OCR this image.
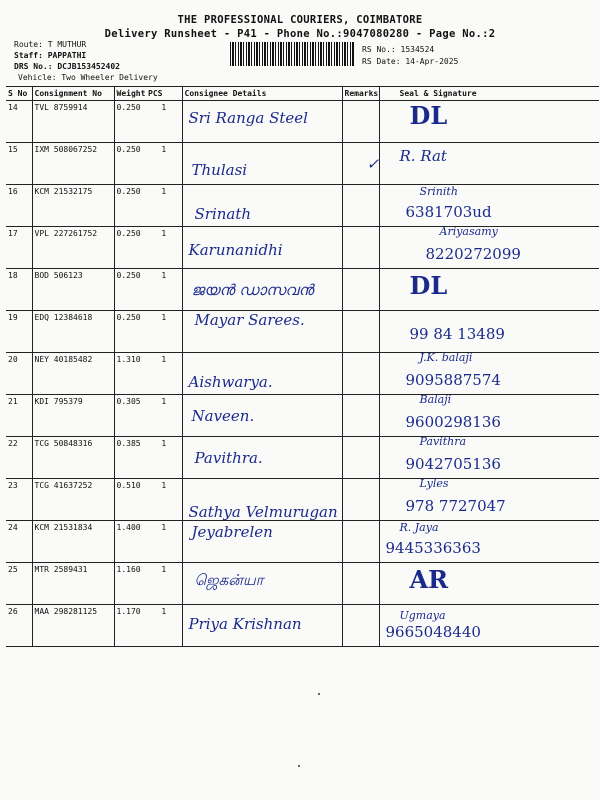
THE PROFESSIONAL COURIERS, COIMBATORE
Delivery Runsheet - P41 - Phone No.:9047080280 - Page No.:2
Route: T MUTHUR
Staff: PAPPATHI
DRS No.: DCJB153452402
Vehicle: Two Wheeler Delivery
RS No.: 1534524
RS Date: 14-Apr-2025
S No	Consignment No	Weight	PCS	Consignee Details	Remarks	Seal & Signature
14	TVL 8759914	0.250	1	Sri Ranga Steel		DL

15	IXM 508067252	0.250	1	Thulasi	✓	R. Rat

16	KCM 21532175	0.250	1	Srinath		Srinith
6381703ud

17	VPL 227261752	0.250	1	Karunanidhi		Ariyasamy
8220272099

18	BOD 506123	0.250	1	ജയൻ ഡാസവൻ		DL

19	EDQ 12384618	0.250	1	Mayar Sarees.		99 84 13489

20	NEY 40185482	1.310	1	Aishwarya.		J.K. balaji
9095887574

21	KDI 795379	0.305	1	Naveen.		Balaji
9600298136

22	TCG 50848316	0.385	1	Pavithra.		Pavithra
9042705136

23	TCG 41637252	0.510	1	Sathya Velmurugan		Lyles
978 7727047

24	KCM 21531834	1.400	1	Jeyabrelen		R. Jaya
9445336363

25	MTR 2589431	1.160	1	ஜெகன்யா		AR

26	MAA 298281125	1.170	1	Priya Krishnan		Ugmaya
9665048440
